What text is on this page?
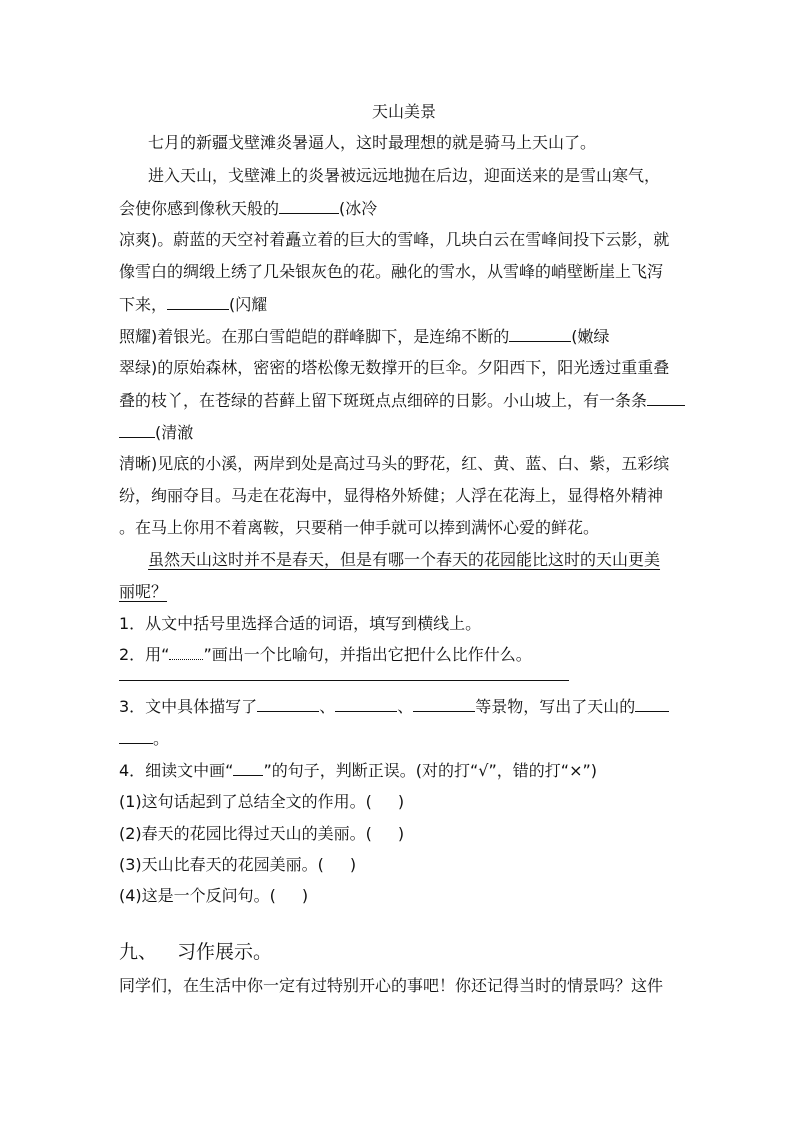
天山美景
七月的新疆戈壁滩炎暑逼人，这时最理想的就是骑马上天山了。
进入天山，戈壁滩上的炎暑被远远地抛在后边，迎面送来的是雪山寒气，
会使你感到像秋天般的	(冰冷
凉爽)。蔚蓝的天空衬着矗立着的巨大的雪峰，几块白云在雪峰间投下云影，就
像雪白的绸缎上绣了几朵银灰色的花。融化的雪水，从雪峰的峭壁断崖上飞泻
下来，	(闪耀
照耀)着银光。在那白雪皑皑的群峰脚下，是连绵不断的	(嫩绿
翠绿)的原始森林，密密的塔松像无数撑开的巨伞。夕阳西下，阳光透过重重叠
叠的枝丫，在苍绿的苔藓上留下斑斑点点细碎的日影。小山坡上，有一条条
(清澈
清晰)见底的小溪，两岸到处是高过马头的野花，红、黄、蓝、白、紫，五彩缤
纷，绚丽夺目。马走在花海中，显得格外矫健；人浮在花海上，显得格外精神
。在马上你用不着离鞍，只要稍一伸手就可以捧到满怀心爱的鲜花。
虽然天山这时并不是春天，但是有哪一个春天的花园能比这时的天山更美
丽呢？
1．从文中括号里选择合适的词语，填写到横线上。
2．用“ ”画出一个比喻句，并指出它把什么比作什么。
3．文中具体描写了	、	、	等景物，写出了天山的
。
4．细读文中画“ ”的句子，判断正误。(对的打“√”，错的打“×”)
(1)这句话起到了总结全文的作用。( )
(2)春天的花园比得过天山的美丽。( )
(3)天山比春天的花园美丽。( )
(4)这是一个反问句。( )
九、 习作展示。
同学们，在生活中你一定有过特别开心的事吧！你还记得当时的情景吗？这件
